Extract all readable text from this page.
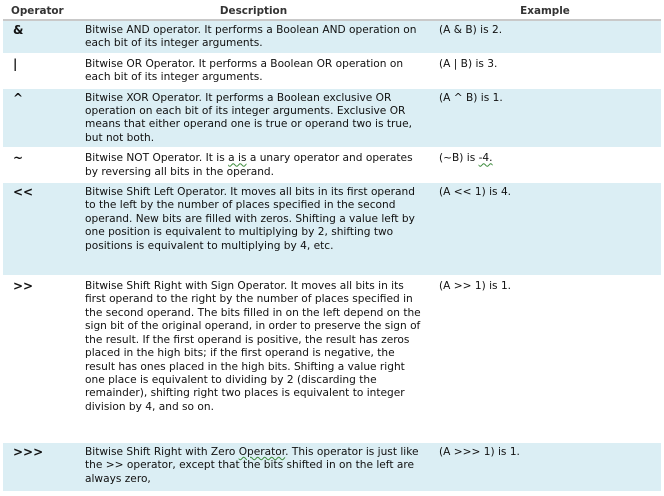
Operator	Description	Example
&	Bitwise AND operator. It performs a Boolean AND operation on each bit of its integer arguments.	(A & B) is 2.
|	Bitwise OR Operator. It performs a Boolean OR operation on each bit of its integer arguments.	(A | B) is 3.
^	Bitwise XOR Operator. It performs a Boolean exclusive OR operation on each bit of its integer arguments. Exclusive OR means that either operand one is true or operand two is true, but not both.	(A ^ B) is 1.
~	Bitwise NOT Operator. It is a is a unary operator and operates by reversing all bits in the operand.	(~B) is -4.
<<	Bitwise Shift Left Operator. It moves all bits in its first operand to the left by the number of places specified in the second operand. New bits are filled with zeros. Shifting a value left by one position is equivalent to multiplying by 2, shifting two positions is equivalent to multiplying by 4, etc.	(A << 1) is 4.
>>	Bitwise Shift Right with Sign Operator. It moves all bits in its first operand to the right by the number of places specified in the second operand. The bits filled in on the left depend on the sign bit of the original operand, in order to preserve the sign of the result. If the first operand is positive, the result has zeros placed in the high bits; if the first operand is negative, the result has ones placed in the high bits. Shifting a value right one place is equivalent to dividing by 2 (discarding the remainder), shifting right two places is equivalent to integer division by 4, and so on.	(A >> 1) is 1.
>>>	Bitwise Shift Right with Zero Operator. This operator is just like the >> operator, except that the bits shifted in on the left are always zero,	(A >>> 1) is 1.
